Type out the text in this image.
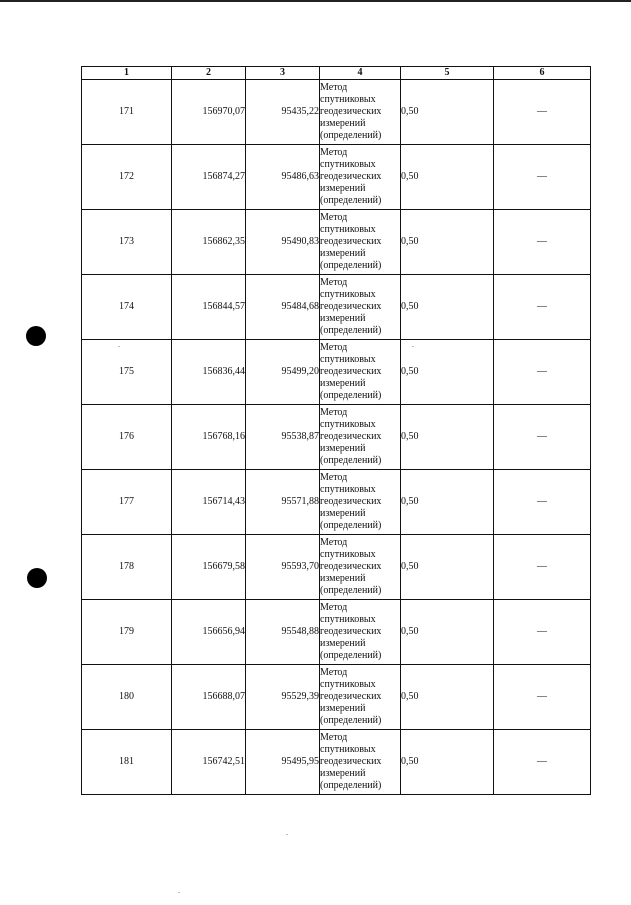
1	2	3	4	5	6
171	156970,07	95435,22	Метод спутниковых геодезических измерений (определений)	0,50	—
172	156874,27	95486,63	Метод спутниковых геодезических измерений (определений)	0,50	—
173	156862,35	95490,83	Метод спутниковых геодезических измерений (определений)	0,50	—
174	156844,57	95484,68	Метод спутниковых геодезических измерений (определений)	0,50	—
175	156836,44	95499,20	Метод спутниковых геодезических измерений (определений)	0,50	—
176	156768,16	95538,87	Метод спутниковых геодезических измерений (определений)	0,50	—
177	156714,43	95571,88	Метод спутниковых геодезических измерений (определений)	0,50	—
178	156679,58	95593,70	Метод спутниковых геодезических измерений (определений)	0,50	—
179	156656,94	95548,88	Метод спутниковых геодезических измерений (определений)	0,50	—
180	156688,07	95529,39	Метод спутниковых геодезических измерений (определений)	0,50	—
181	156742,51	95495,95	Метод спутниковых геодезических измерений (определений)	0,50	—
